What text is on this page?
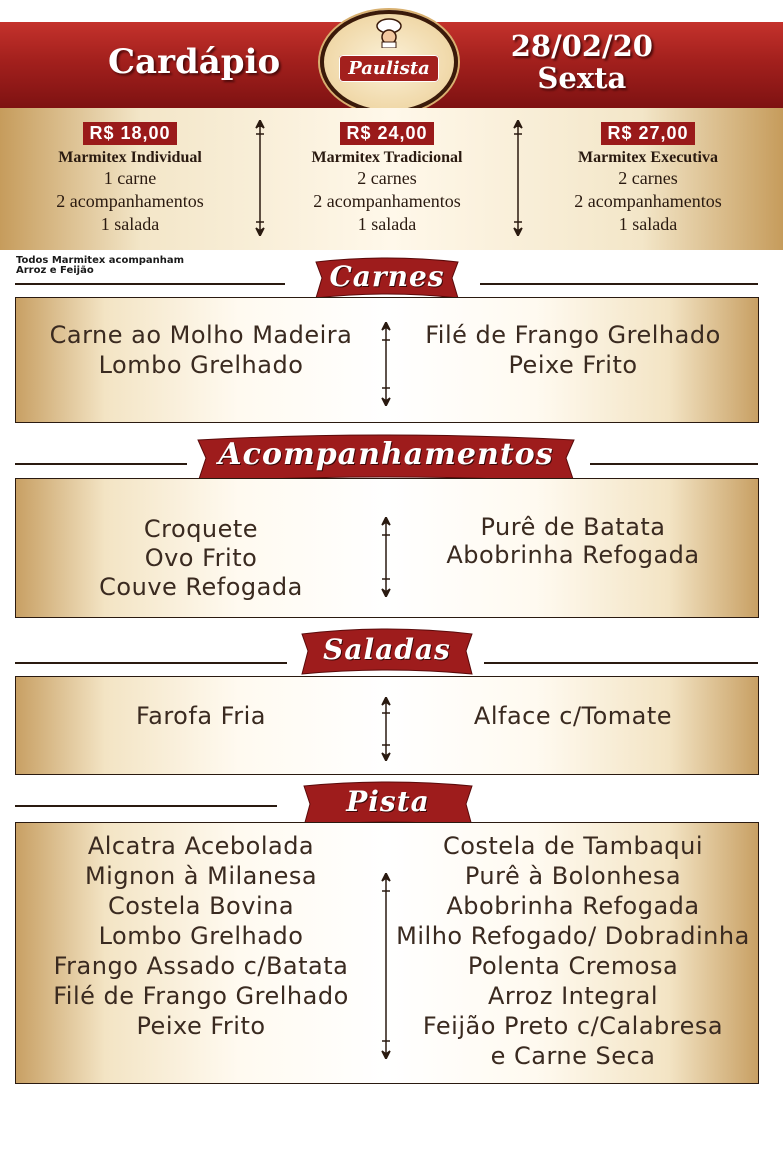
Cardápio	28/02/20
Sexta
Paulista
R$ 18,00
Marmitex Individual
1 carne
2 acompanhamentos
1 salada
R$ 24,00
Marmitex Tradicional
2 carnes
2 acompanhamentos
1 salada
R$ 27,00
Marmitex Executiva
2 carnes
2 acompanhamentos
1 salada
Todos Marmitex acompanham
Arroz e Feijão	Carnes
Carne ao Molho Madeira
Lombo Grelhado
Filé de Frango Grelhado
Peixe Frito
Acompanhamentos
Croquete
Ovo Frito
Couve Refogada
Purê de Batata
Abobrinha Refogada
Saladas
Farofa Fria	Alface c/Tomate
Pista
Alcatra Acebolada
Mignon à Milanesa
Costela Bovina
Lombo Grelhado
Frango Assado c/Batata
Filé de Frango Grelhado
Peixe Frito
Costela de Tambaqui
Purê à Bolonhesa
Abobrinha Refogada
Milho Refogado/ Dobradinha
Polenta Cremosa
Arroz Integral
Feijão Preto c/Calabresa
e Carne Seca
